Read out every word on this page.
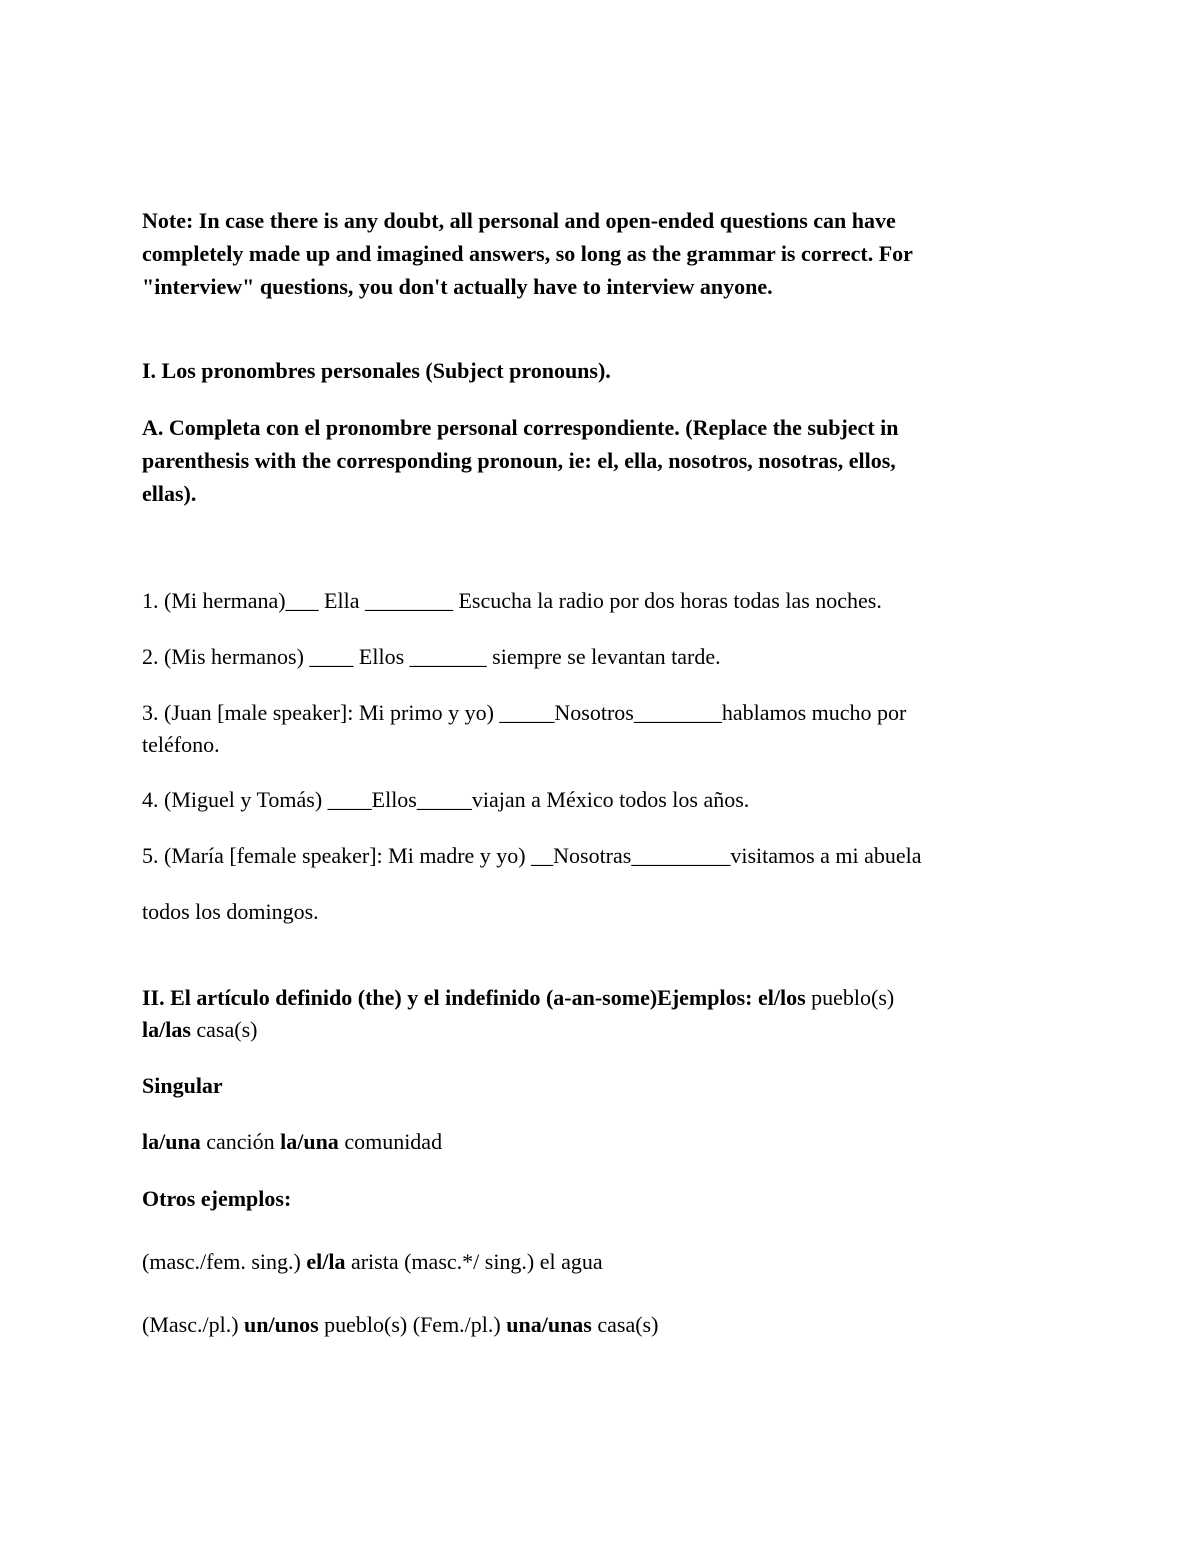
Note: In case there is any doubt, all personal and open-ended questions can have
completely made up and imagined answers, so long as the grammar is correct. For
"interview" questions, you don't actually have to interview anyone.
I. Los pronombres personales (Subject pronouns).
A. Completa con el pronombre personal correspondiente. (Replace the subject in
parenthesis with the corresponding pronoun, ie: el, ella, nosotros, nosotras, ellos,
ellas).
1. (Mi hermana)___ Ella ________ Escucha la radio por dos horas todas las noches.
2. (Mis hermanos) ____ Ellos _______ siempre se levantan tarde.
3. (Juan [male speaker]: Mi primo y yo) _____Nosotros________hablamos mucho por
teléfono.
4. (Miguel y Tomás) ____Ellos_____viajan a México todos los años.
5. (María [female speaker]: Mi madre y yo) __Nosotras_________visitamos a mi abuela
todos los domingos.
II. El artículo definido (the) y el indefinido (a-an-some)Ejemplos: el/los pueblo(s)
la/las casa(s)
Singular
la/una canción la/una comunidad
Otros ejemplos:
(masc./fem. sing.) el/la arista (masc.*/ sing.) el agua
(Masc./pl.) un/unos pueblo(s) (Fem./pl.) una/unas casa(s)
